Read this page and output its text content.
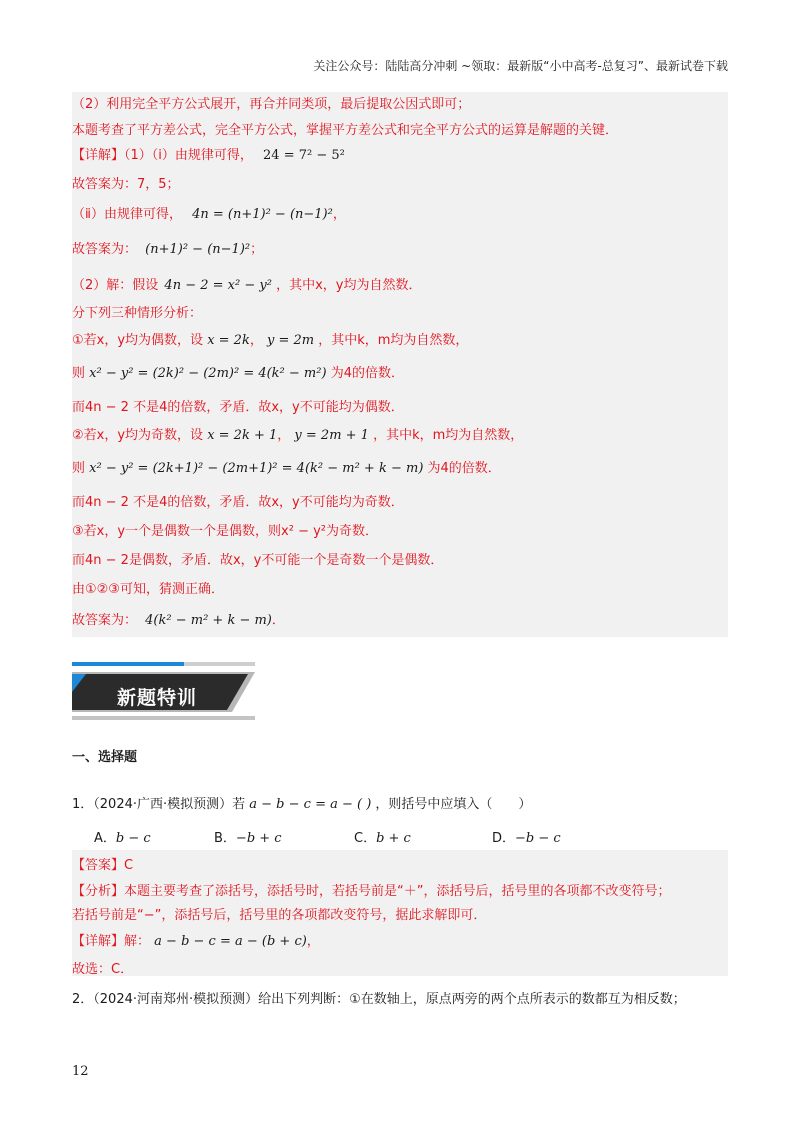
关注公众号：陆陆高分冲刺 ~领取：最新版“小中高考-总复习”、最新试卷下载
（2）利用完全平方公式展开，再合并同类项，最后提取公因式即可；
本题考查了平方差公式，完全平方公式，掌握平方差公式和完全平方公式的运算是解题的关键．
【详解】（1）（ⅰ）由规律可得， 24 = 7² − 5²
故答案为：7，5；
（ⅱ）由规律可得， 4n = (n+1)² − (n−1)²，
故答案为： (n+1)² − (n−1)²；
（2）解：假设 4n − 2 = x² − y² ，其中x，y均为自然数．
分下列三种情形分析：
①若x，y均为偶数，设 x = 2k， y = 2m ，其中k，m均为自然数，
则 x² − y² = (2k)² − (2m)² = 4(k² − m²) 为4的倍数．
而4n − 2 不是4的倍数，矛盾．故x，y不可能均为偶数．
②若x，y均为奇数，设 x = 2k + 1， y = 2m + 1 ，其中k，m均为自然数，
则 x² − y² = (2k+1)² − (2m+1)² = 4(k² − m² + k − m) 为4的倍数．
而4n − 2 不是4的倍数，矛盾．故x，y不可能均为奇数．
③若x，y一个是偶数一个是偶数，则x² − y²为奇数．
而4n − 2是偶数，矛盾．故x，y不可能一个是奇数一个是偶数．
由①②③可知，猜测正确．
故答案为： 4(k² − m² + k − m)．
新题特训
一、选择题
1．（2024·广西·模拟预测）若 a − b − c = a − ( ) ，则括号中应填入（　　）
A．b − c	B．−b + c	C．b + c	D．−b − c
【答案】C
【分析】本题主要考查了添括号，添括号时，若括号前是“＋”，添括号后，括号里的各项都不改变符号；
若括号前是“−”，添括号后，括号里的各项都改变符号，据此求解即可．
【详解】解： a − b − c = a − (b + c)，
故选：C．
2．（2024·河南郑州·模拟预测）给出下列判断：①在数轴上，原点两旁的两个点所表示的数都互为相反数；
12
